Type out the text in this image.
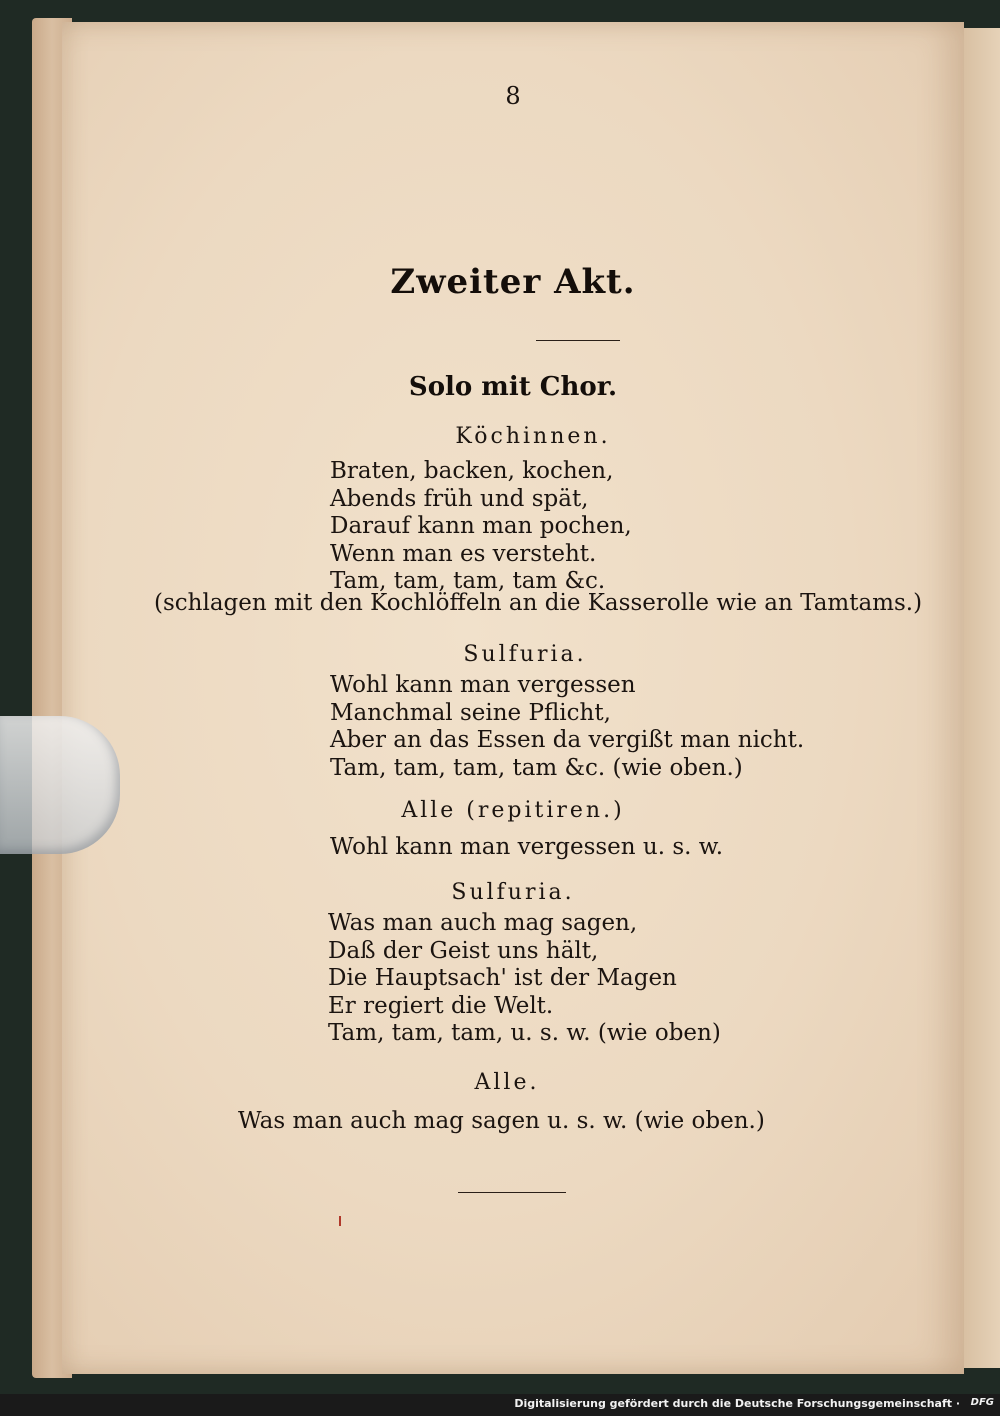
8
Zweiter Akt.
Solo mit Chor.
Köchinnen.
Braten, backen, kochen,
Abends früh und spät,
Darauf kann man pochen,
Wenn man es versteht.
Tam, tam, tam, tam &c.
(schlagen mit den Kochlöffeln an die Kasserolle wie an Tamtams.)
Sulfuria.
Wohl kann man vergessen
Manchmal seine Pflicht,
Aber an das Essen da vergißt man nicht.
Tam, tam, tam, tam &c. (wie oben.)
Alle (repitiren.)
Wohl kann man vergessen u. s. w.
Sulfuria.
Was man auch mag sagen,
Daß der Geist uns hält,
Die Hauptsach' ist der Magen
Er regiert die Welt.
Tam, tam, tam, u. s. w. (wie oben)
Alle.
Was man auch mag sagen u. s. w. (wie oben.)
Digitalisierung gefördert durch die Deutsche Forschungsgemeinschaft · DFG
